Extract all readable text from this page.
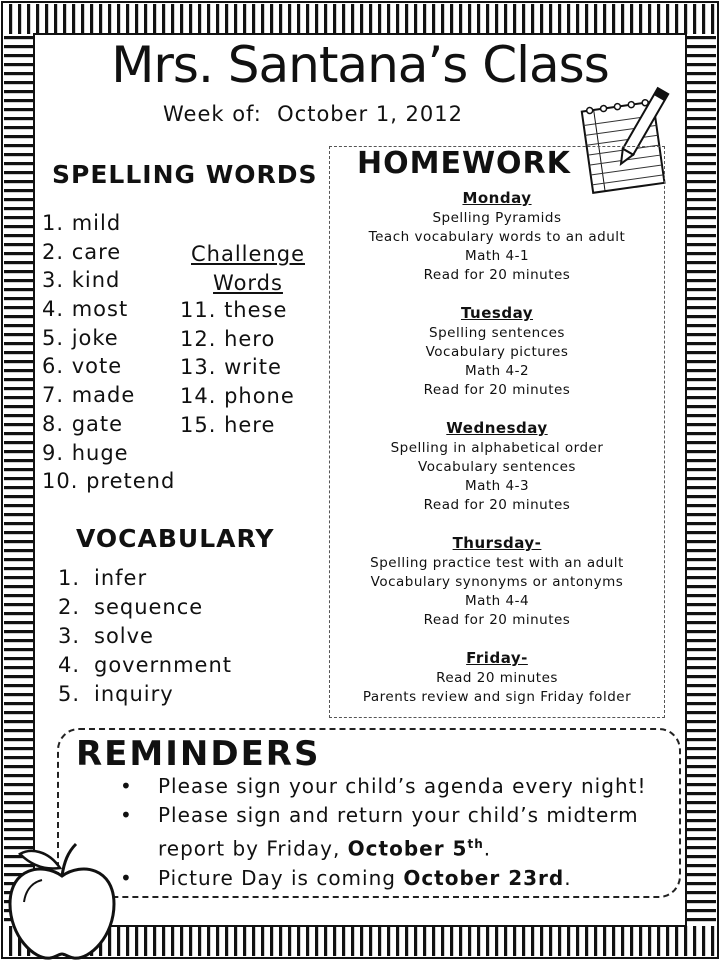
Mrs. Santana’s Class
Week of:  October 1, 2012
SPELLING WORDS
1. mild
2. care
3. kind
4. most
5. joke
6. vote
7. made
8. gate
9. huge
10. pretend
Challenge
Words
11. these
12. hero
13. write
14. phone
15. here
VOCABULARY
1. infer
2. sequence
3. solve
4. government
5. inquiry
HOMEWORK
Monday
Spelling Pyramids
Teach vocabulary words to an adult
Math 4-1
Read for 20 minutes
Tuesday
Spelling sentences
Vocabulary pictures
Math 4-2
Read for 20 minutes
Wednesday
Spelling in alphabetical order
Vocabulary sentences
Math 4-3
Read for 20 minutes
Thursday-
Spelling practice test with an adult
Vocabulary synonyms or antonyms
Math 4-4
Read for 20 minutes
Friday-
Read 20 minutes
Parents review and sign Friday folder
REMINDERS
• Please sign your child’s agenda every night!
• Please sign and return your child’s midterm
report by Friday, October 5th.
• Picture Day is coming October 23rd.
